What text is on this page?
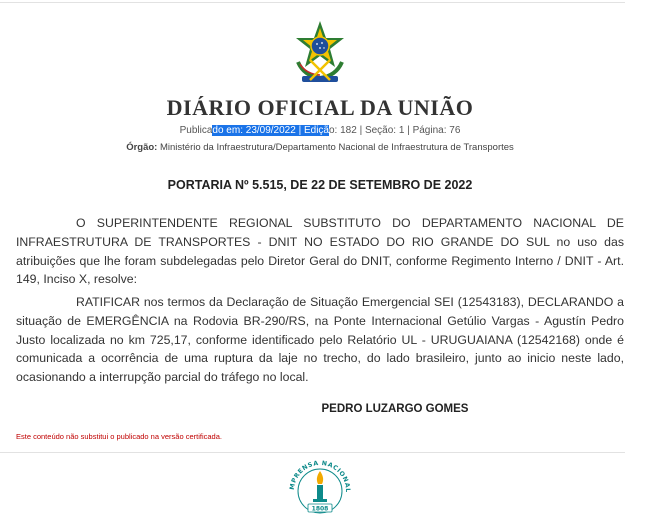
DIÁRIO OFICIAL DA UNIÃO
Publicado em: 23/09/2022 | Edição: 182 | Seção: 1 | Página: 76
Órgão: Ministério da Infraestrutura/Departamento Nacional de Infraestrutura de Transportes
PORTARIA Nº 5.515, DE 22 DE SETEMBRO DE 2022
O SUPERINTENDENTE REGIONAL SUBSTITUTO DO DEPARTAMENTO NACIONAL DE INFRAESTRUTURA DE TRANSPORTES - DNIT NO ESTADO DO RIO GRANDE DO SUL no uso das atribuições que lhe foram subdelegadas pelo Diretor Geral do DNIT, conforme Regimento Interno / DNIT - Art. 149, Inciso X, resolve:
RATIFICAR nos termos da Declaração de Situação Emergencial SEI (12543183), DECLARANDO a situação de EMERGÊNCIA na Rodovia BR-290/RS, na Ponte Internacional Getúlio Vargas - Agustín Pedro Justo localizada no km 725,17, conforme identificado pelo Relatório UL - URUGUAIANA (12542168) onde é comunicada a ocorrência de uma ruptura da laje no trecho, do lado brasileiro, junto ao inicio neste lado, ocasionando a interrupção parcial do tráfego no local.
PEDRO LUZARGO GOMES
Este conteúdo não substitui o publicado na versão certificada.
MPRENSA NACIONAL
1808
